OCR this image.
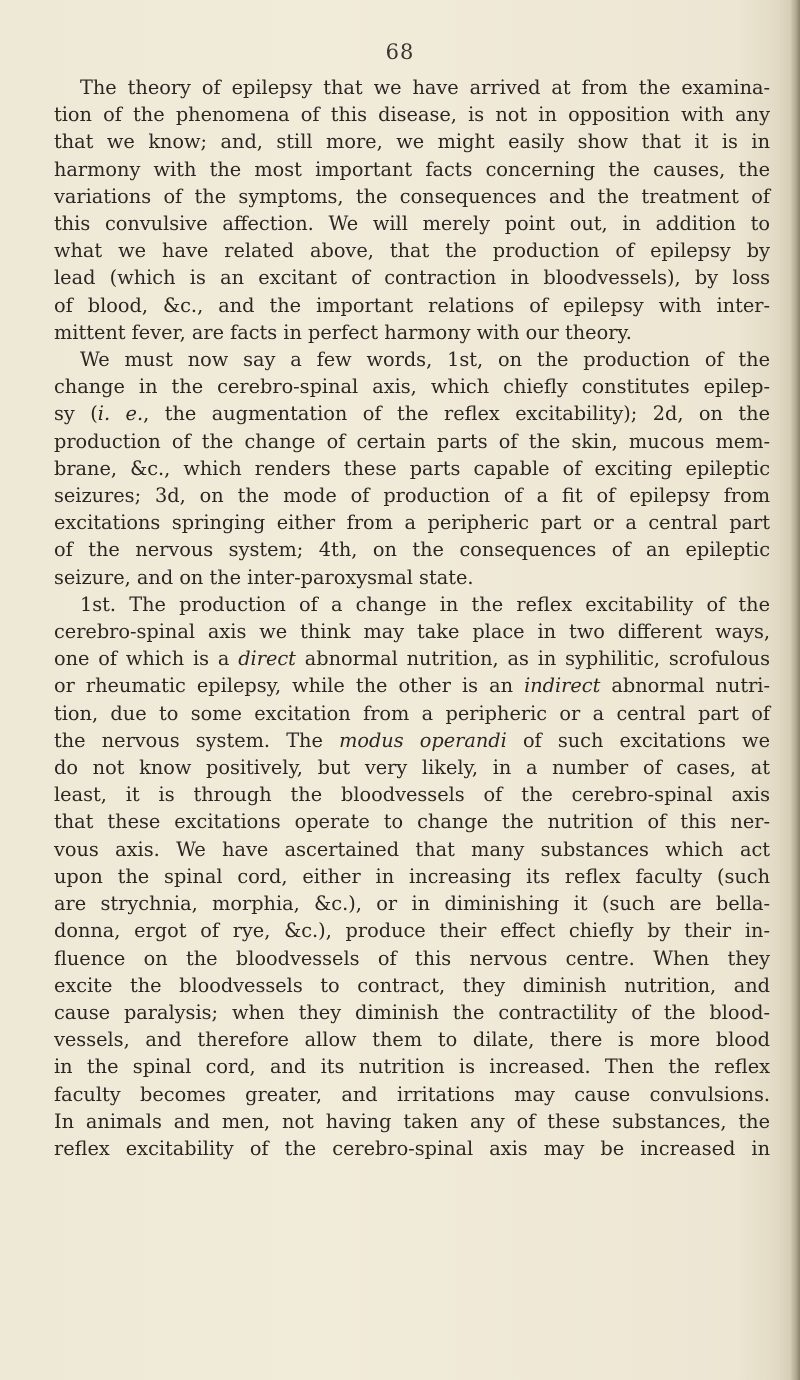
68
The theory of epilepsy that we have arrived at from the examina-
tion of the phenomena of this disease, is not in opposition with any
that we know; and, still more, we might easily show that it is in
harmony with the most important facts concerning the causes, the
variations of the symptoms, the consequences and the treatment of
this convulsive affection. We will merely point out, in addition to
what we have related above, that the production of epilepsy by
lead (which is an excitant of contraction in bloodvessels), by loss
of blood, &c., and the important relations of epilepsy with inter-
mittent fever, are facts in perfect harmony with our theory.
We must now say a few words, 1st, on the production of the
change in the cerebro-spinal axis, which chiefly constitutes epilep-
sy (i. e., the augmentation of the reflex excitability); 2d, on the
production of the change of certain parts of the skin, mucous mem-
brane, &c., which renders these parts capable of exciting epileptic
seizures; 3d, on the mode of production of a fit of epilepsy from
excitations springing either from a peripheric part or a central part
of the nervous system; 4th, on the consequences of an epileptic
seizure, and on the inter-paroxysmal state.
1st. The production of a change in the reflex excitability of the
cerebro-spinal axis we think may take place in two different ways,
one of which is a direct abnormal nutrition, as in syphilitic, scrofulous
or rheumatic epilepsy, while the other is an indirect abnormal nutri-
tion, due to some excitation from a peripheric or a central part of
the nervous system. The modus operandi of such excitations we
do not know positively, but very likely, in a number of cases, at
least, it is through the bloodvessels of the cerebro-spinal axis
that these excitations operate to change the nutrition of this ner-
vous axis. We have ascertained that many substances which act
upon the spinal cord, either in increasing its reflex faculty (such
are strychnia, morphia, &c.), or in diminishing it (such are bella-
donna, ergot of rye, &c.), produce their effect chiefly by their in-
fluence on the bloodvessels of this nervous centre. When they
excite the bloodvessels to contract, they diminish nutrition, and
cause paralysis; when they diminish the contractility of the blood-
vessels, and therefore allow them to dilate, there is more blood
in the spinal cord, and its nutrition is increased. Then the reflex
faculty becomes greater, and irritations may cause convulsions.
In animals and men, not having taken any of these substances, the
reflex excitability of the cerebro-spinal axis may be increased in
